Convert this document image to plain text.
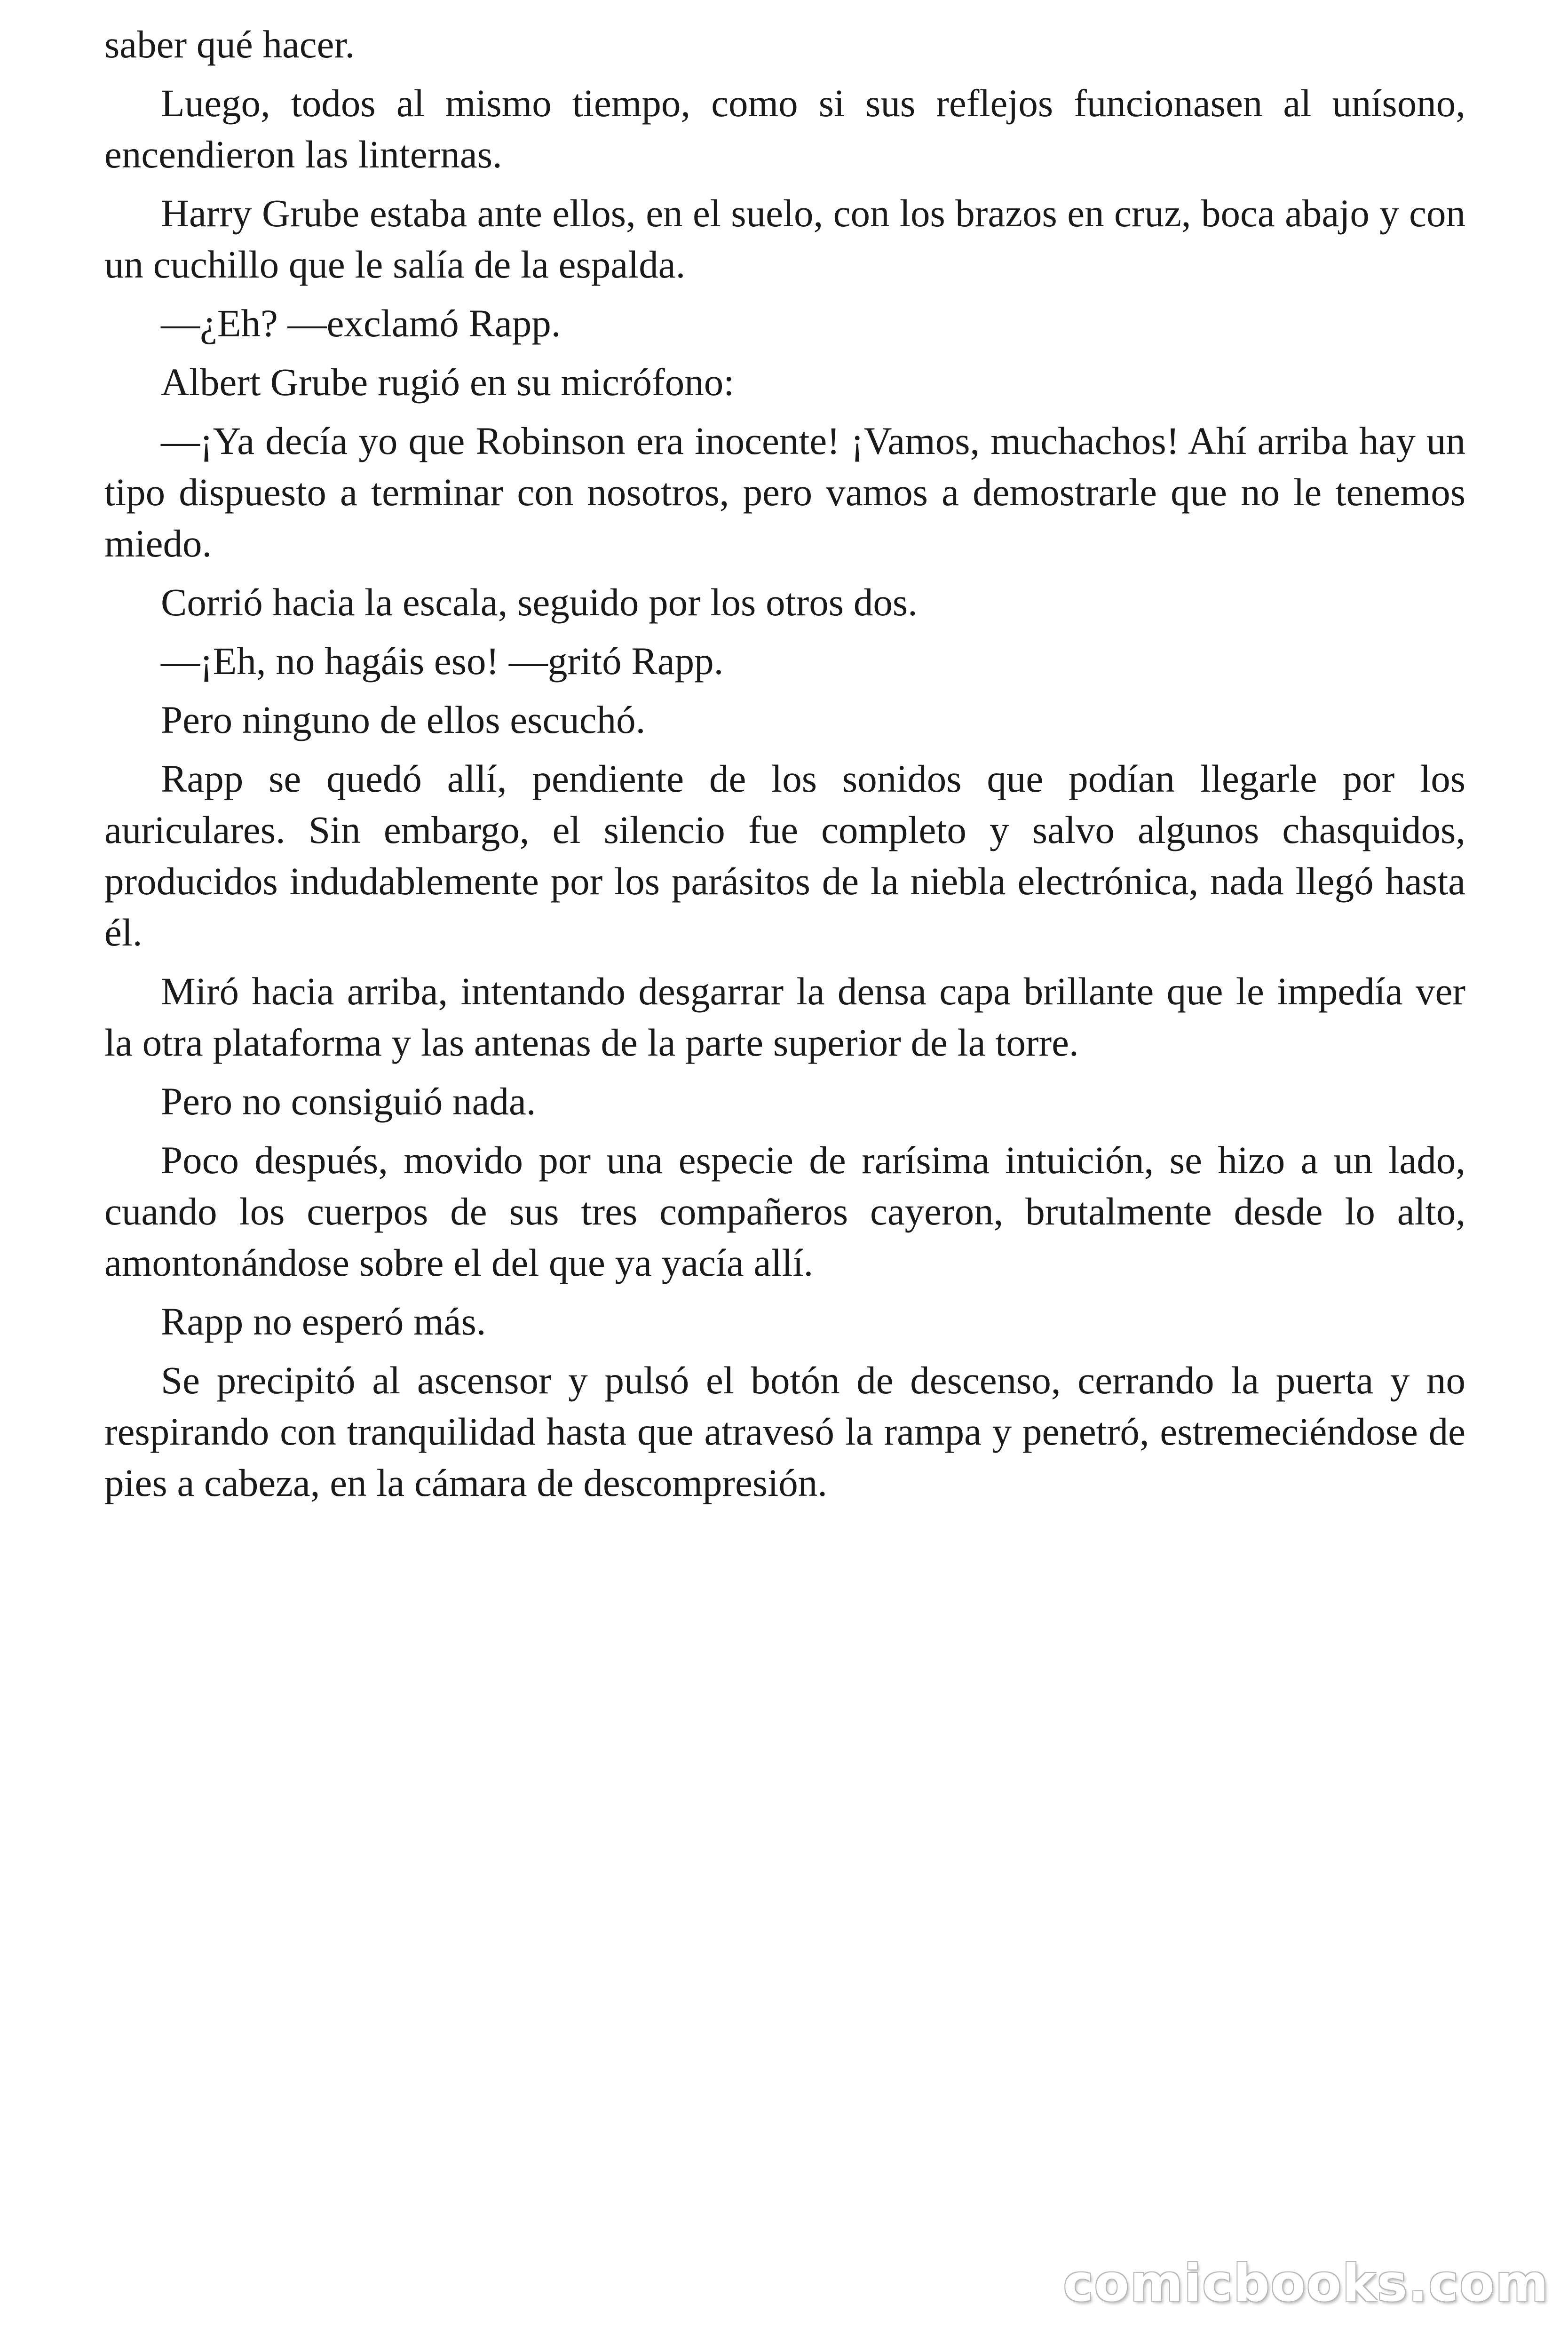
saber qué hacer.

Luego, todos al mismo tiempo, como si sus reflejos funcionasen al unísono, encendieron las linternas.

Harry Grube estaba ante ellos, en el suelo, con los brazos en cruz, boca abajo y con un cuchillo que le salía de la espalda.

—¿Eh? —exclamó Rapp.

Albert Grube rugió en su micrófono:

—¡Ya decía yo que Robinson era inocente! ¡Vamos, muchachos! Ahí arriba hay un tipo dispuesto a terminar con nosotros, pero vamos a demostrarle que no le tenemos miedo.

Corrió hacia la escala, seguido por los otros dos.

—¡Eh, no hagáis eso! —gritó Rapp.

Pero ninguno de ellos escuchó.

Rapp se quedó allí, pendiente de los sonidos que podían llegarle por los auriculares. Sin embargo, el silencio fue completo y salvo algunos chasquidos, producidos indudablemente por los parásitos de la niebla electrónica, nada llegó hasta él.

Miró hacia arriba, intentando desgarrar la densa capa brillante que le impedía ver la otra plataforma y las antenas de la parte superior de la torre.

Pero no consiguió nada.

Poco después, movido por una especie de rarísima intuición, se hizo a un lado, cuando los cuerpos de sus tres compañeros cayeron, brutalmente desde lo alto, amontonándose sobre el del que ya yacía allí.

Rapp no esperó más.

Se precipitó al ascensor y pulsó el botón de descenso, cerrando la puerta y no respirando con tranquilidad hasta que atravesó la rampa y penetró, estremeciéndose de pies a cabeza, en la cámara de descompresión.

comicbooks.com
